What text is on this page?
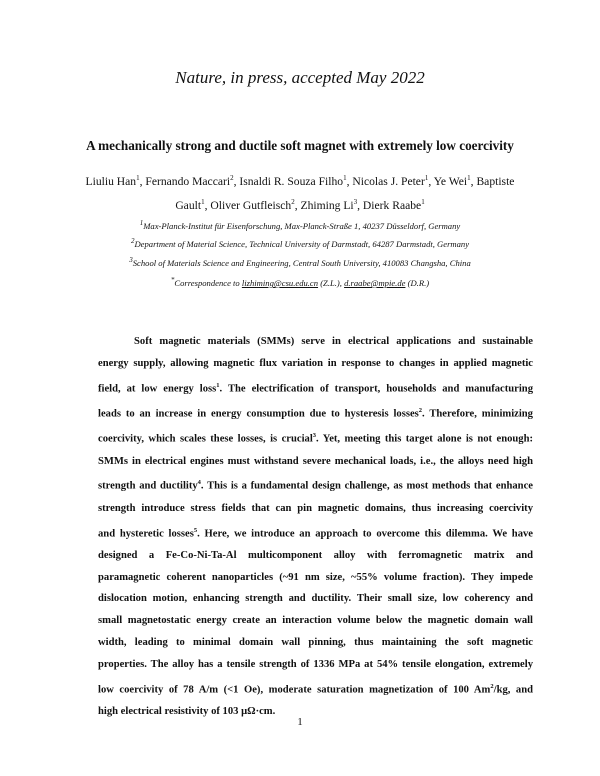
Nature, in press, accepted May 2022
A mechanically strong and ductile soft magnet with extremely low coercivity
Liuliu Han$^1$, Fernando Maccari$^2$, Isnaldi R. Souza Filho$^1$, Nicolas J. Peter$^1$, Ye Wei$^1$, Baptiste Gault$^1$, Oliver Gutfleisch$^2$, Zhiming Li$^3$, Dierk Raabe$^1$
$^1$Max-Planck-Institut für Eisenforschung, Max-Planck-Straße 1, 40237 Düsseldorf, Germany
$^2$Department of Material Science, Technical University of Darmstadt, 64287 Darmstadt, Germany
$^3$School of Materials Science and Engineering, Central South University, 410083 Changsha, China
*Correspondence to lizhiming@csu.edu.cn (Z.L.), d.raabe@mpie.de (D.R.)

Soft magnetic materials (SMMs) serve in electrical applications and sustainable
energy supply, allowing magnetic flux variation in response to changes in applied magnetic
field, at low energy loss$^1$. The electrification of transport, households and manufacturing
leads to an increase in energy consumption due to hysteresis losses$^2$. Therefore, minimizing
coercivity, which scales these losses, is crucial$^3$. Yet, meeting this target alone is not enough:
SMMs in electrical engines must withstand severe mechanical loads, i.e., the alloys need high
strength and ductility$^4$. This is a fundamental design challenge, as most methods that enhance
strength introduce stress fields that can pin magnetic domains, thus increasing coercivity
and hysteretic losses$^5$. Here, we introduce an approach to overcome this dilemma. We have
designed a Fe-Co-Ni-Ta-Al multicomponent alloy with ferromagnetic matrix and
paramagnetic coherent nanoparticles (~91 nm size, ~55% volume fraction). They impede
dislocation motion, enhancing strength and ductility. Their small size, low coherency and
small magnetostatic energy create an interaction volume below the magnetic domain wall
width, leading to minimal domain wall pinning, thus maintaining the soft magnetic
properties. The alloy has a tensile strength of 1336 MPa at 54% tensile elongation, extremely
low coercivity of 78 A/m (<1 Oe), moderate saturation magnetization of 100 Am$^2$/kg, and
high electrical resistivity of 103 μΩ·cm.

1
